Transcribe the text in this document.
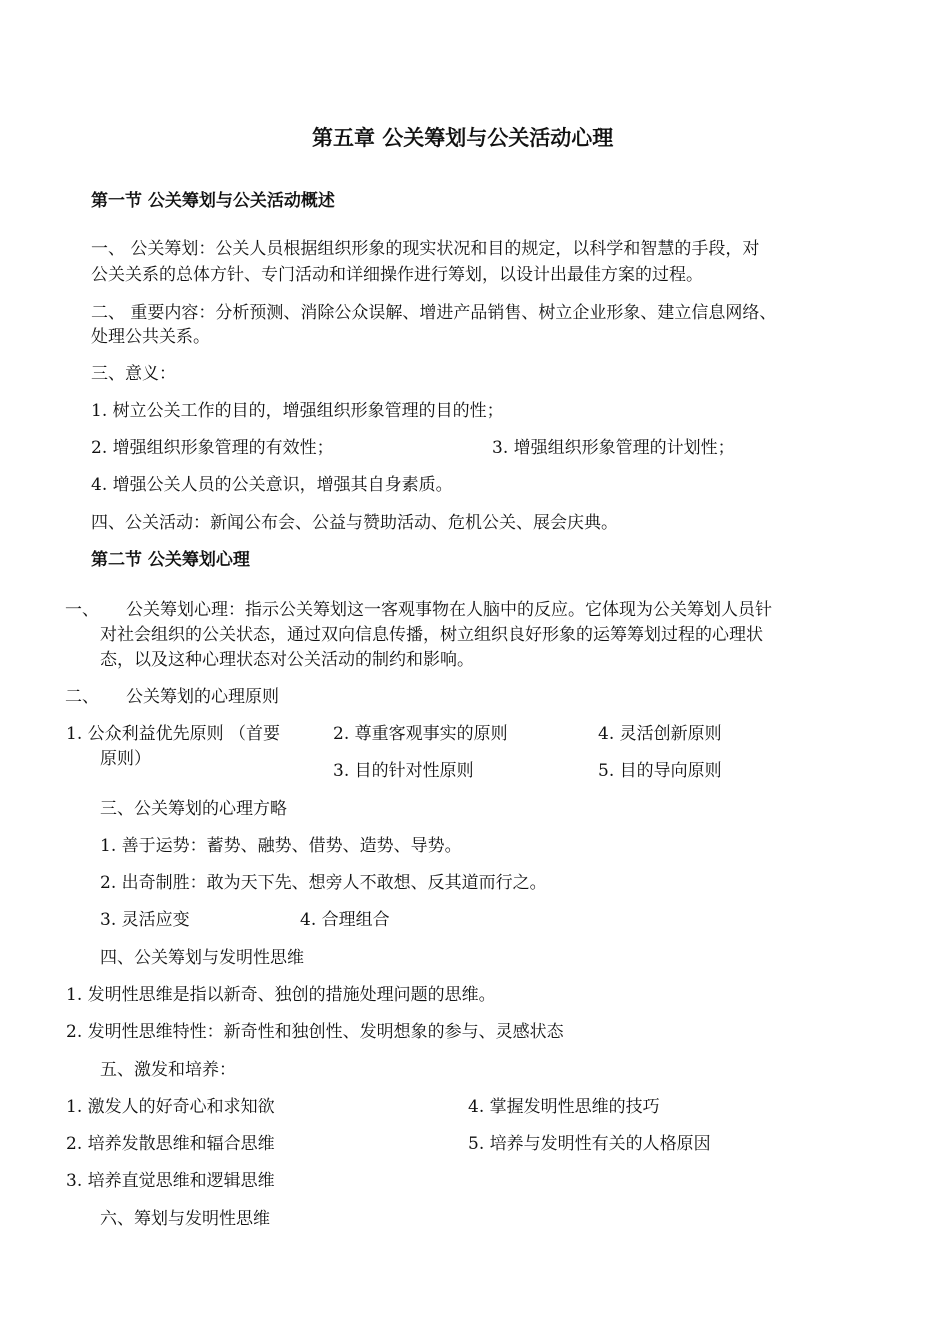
第五章 公关筹划与公关活动心理
第一节 公关筹划与公关活动概述
一、 公关筹划：公关人员根据组织形象的现实状况和目的规定，以科学和智慧的手段，对
公关关系的总体方针、专门活动和详细操作进行筹划，以设计出最佳方案的过程。
二、 重要内容：分析预测、消除公众误解、增进产品销售、树立企业形象、建立信息网络、
处理公共关系。
三、意义：
1. 树立公关工作的目的，增强组织形象管理的目的性；
2. 增强组织形象管理的有效性；	3. 增强组织形象管理的计划性；
4. 增强公关人员的公关意识，增强其自身素质。
四、公关活动：新闻公布会、公益与赞助活动、危机公关、展会庆典。
第二节 公关筹划心理
一、 公关筹划心理：指示公关筹划这一客观事物在人脑中的反应。它体现为公关筹划人员针
对社会组织的公关状态，通过双向信息传播，树立组织良好形象的运筹筹划过程的心理状
态，以及这种心理状态对公关活动的制约和影响。
二、 公关筹划的心理原则
1. 公众利益优先原则 （首要
原则）
2. 尊重客观事实的原则
3. 目的针对性原则
4. 灵活创新原则
5. 目的导向原则
三、公关筹划的心理方略
1. 善于运势：蓄势、融势、借势、造势、导势。
2. 出奇制胜：敢为天下先、想旁人不敢想、反其道而行之。
3. 灵活应变	4. 合理组合
四、公关筹划与发明性思维
1. 发明性思维是指以新奇、独创的措施处理问题的思维。
2. 发明性思维特性：新奇性和独创性、发明想象的参与、灵感状态
五、激发和培养：
1. 激发人的好奇心和求知欲
2. 培养发散思维和辐合思维
3. 培养直觉思维和逻辑思维
4. 掌握发明性思维的技巧
5. 培养与发明性有关的人格原因
六、筹划与发明性思维
